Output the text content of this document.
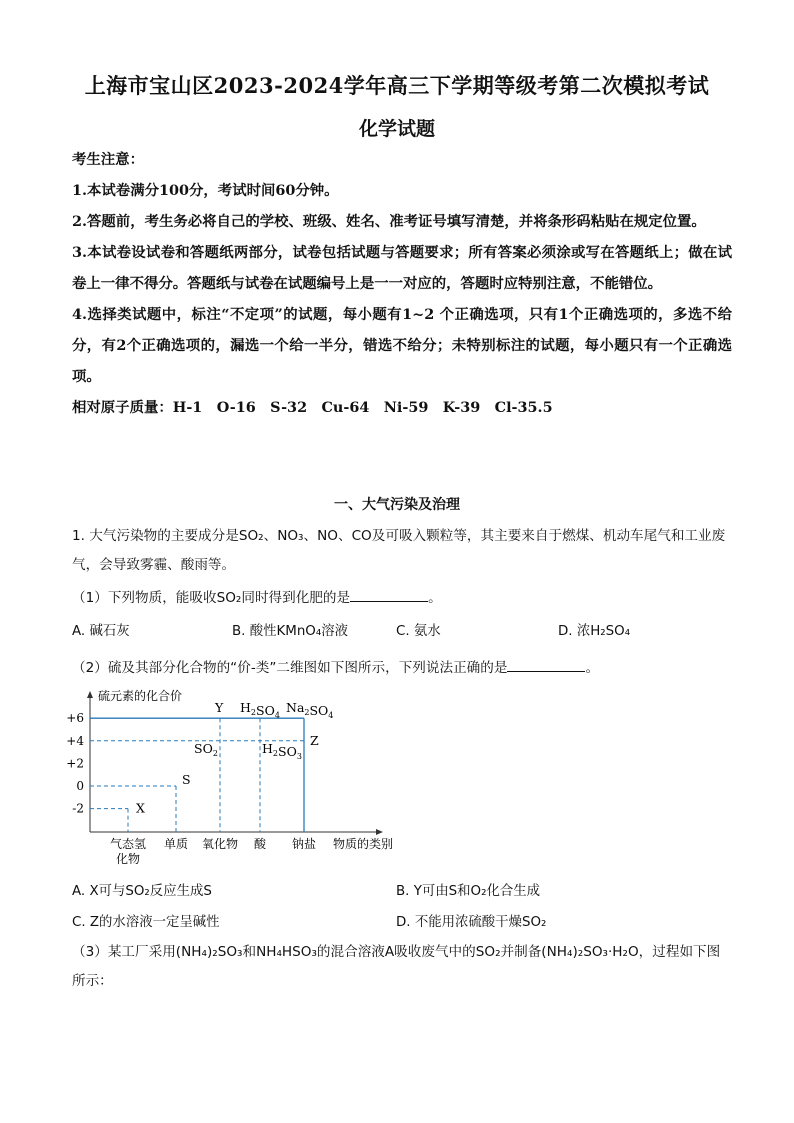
上海市宝山区2023-2024学年高三下学期等级考第二次模拟考试
化学试题

考生注意：

1.本试卷满分100分，考试时间60分钟。

2.答题前，考生务必将自己的学校、班级、姓名、准考证号填写清楚，并将条形码粘贴在规定位置。

3.本试卷设试卷和答题纸两部分，试卷包括试题与答题要求；所有答案必须涂或写在答题纸上；做在试卷上一律不得分。答题纸与试卷在试题编号上是一一对应的，答题时应特别注意，不能错位。

4.选择类试题中，标注“不定项”的试题，每小题有1~2 个正确选项，只有1个正确选项的，多选不给分，有2个正确选项的，漏选一个给一半分，错选不给分；未特别标注的试题，每小题只有一个正确选项。

相对原子质量：H-1　O-16　S-32　Cu-64　Ni-59　K-39　Cl-35.5

一、大气污染及治理

1. 大气污染物的主要成分是SO₂、NO₃、NO、CO及可吸入颗粒等，其主要来自于燃煤、机动车尾气和工业废气，会导致雾霾、酸雨等。

（1）下列物质，能吸收SO₂同时得到化肥的是	。

A. 碱石灰	B. 酸性KMnO₄溶液	C. 氨水	D. 浓H₂SO₄

（2）硫及其部分化合物的“价-类”二维图如下图所示，下列说法正确的是	。

硫元素的化合价
+6
+4
+2
0
-2
气态氢
化物
单质 氧化物 酸 钠盐
X
S
$SO_2$
Y
$H_2SO_3$
$H_2SO_4$
Z
$Na_2SO_4$
物质的类别
A. X可与SO₂反应生成S	B. Y可由S和O₂化合生成
C. Z的水溶液一定呈碱性	D. 不能用浓硫酸干燥SO₂

（3）某工厂采用(NH₄)₂SO₃和NH₄HSO₃的混合溶液A吸收废气中的SO₂并制备(NH₄)₂SO₃·H₂O，过程如下图所示：
